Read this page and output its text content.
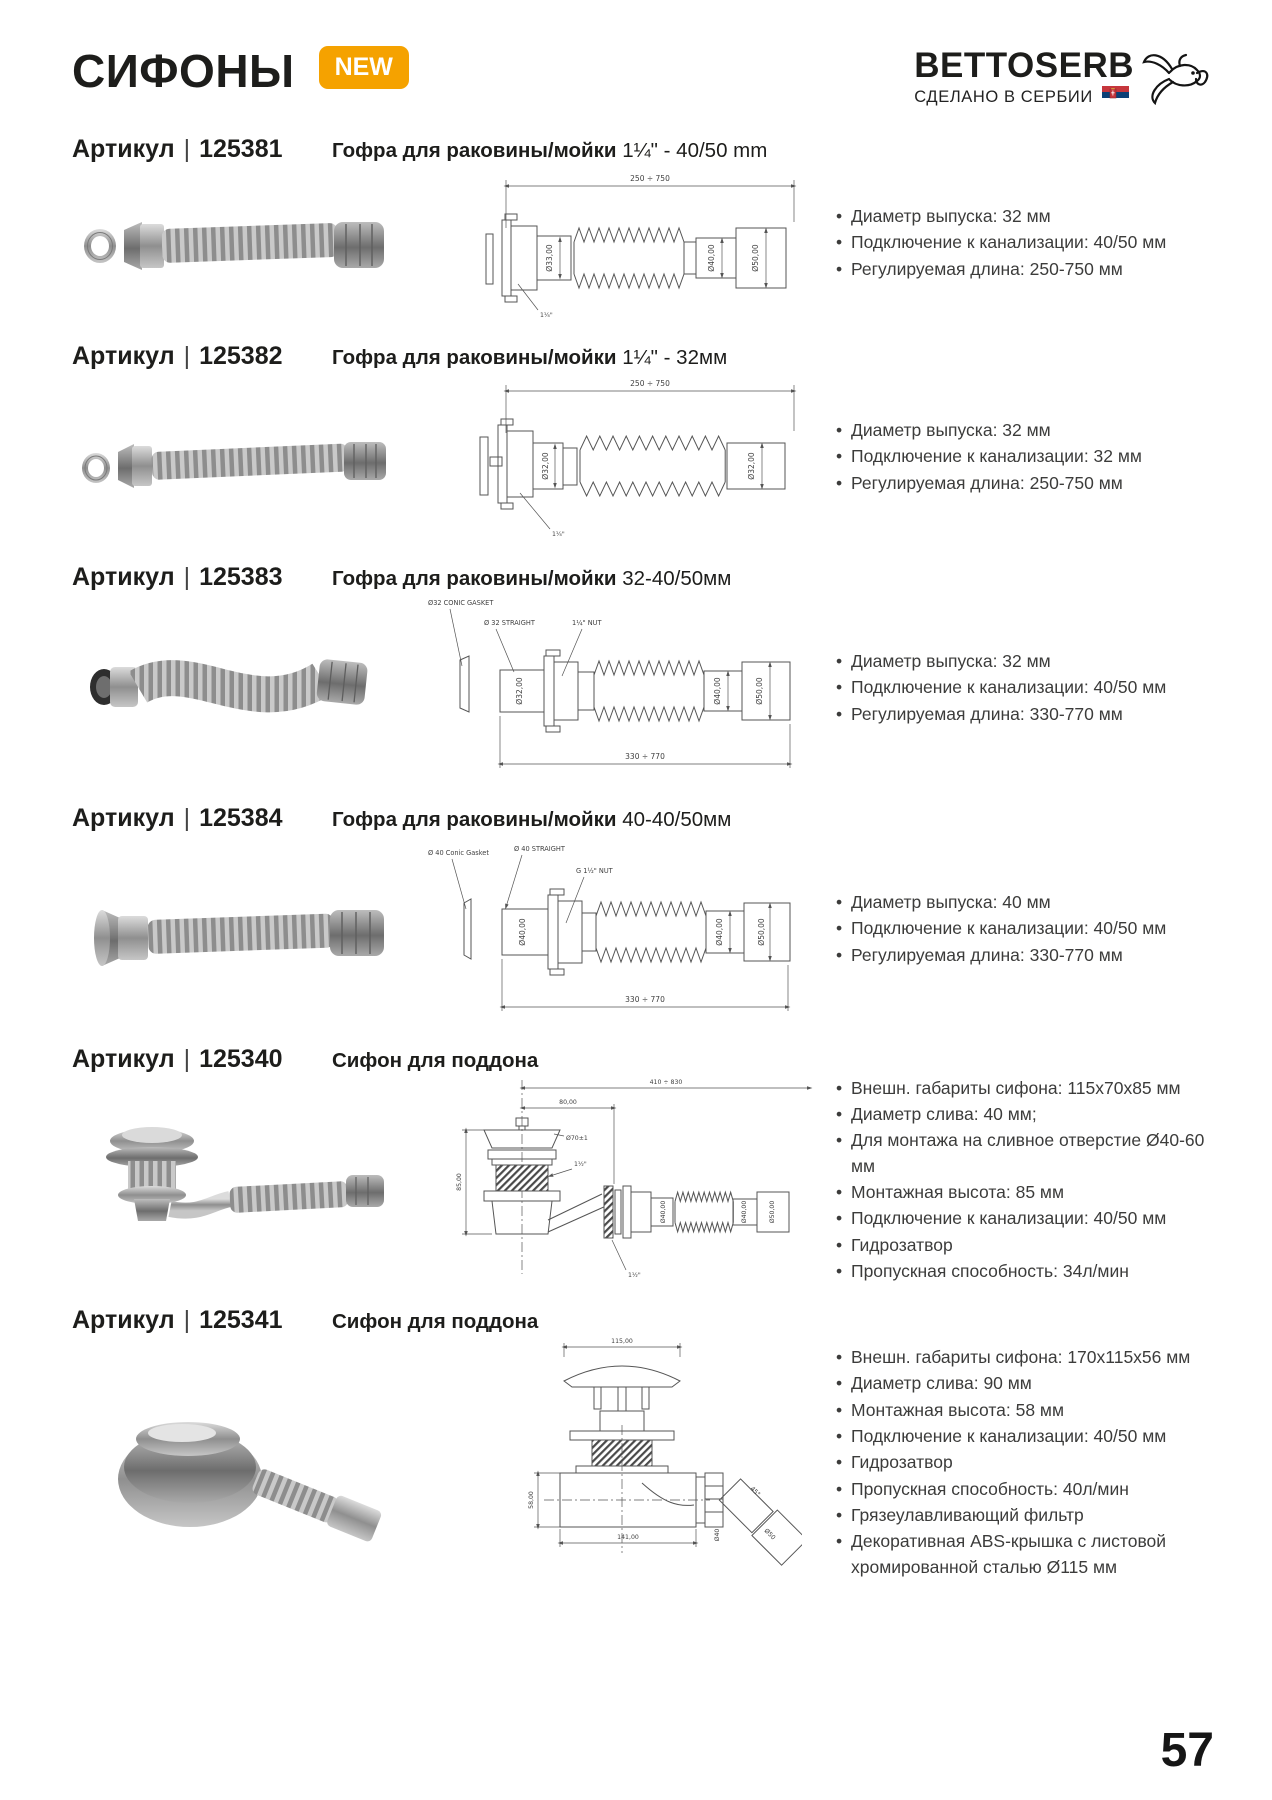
СИФОНЫ	NEW	BETTOSERB
СДЕЛАНО В СЕРБИИ
Артикул | 125381	Гофра для раковины/мойки 1¼" - 40/50 mm
250 ÷ 750
Ø33,00	Ø40,00	Ø50,00
1¼"
• Диаметр выпуска: 32 мм
• Подключение к канализации: 40/50 мм
• Регулируемая длина: 250-750 мм
Артикул | 125382	Гофра для раковины/мойки 1¼" - 32мм
250 ÷ 750
Ø32,00	Ø32,00
1¼"
• Диаметр выпуска: 32 мм
• Подключение к канализации: 32 мм
• Регулируемая длина: 250-750 мм
Артикул | 125383	Гофра для раковины/мойки 32-40/50мм
Ø32 CONIC GASKET
Ø 32 STRAIGHT	1¼" NUT
Ø32,00	Ø40,00	Ø50,00
330 ÷ 770
• Диаметр выпуска: 32 мм
• Подключение к канализации: 40/50 мм
• Регулируемая длина: 330-770 мм
Артикул | 125384	Гофра для раковины/мойки 40-40/50мм
Ø 40 Conic Gasket	Ø 40 STRAIGHT
G 1½" NUT
Ø40,00	Ø40,00	Ø50,00
330 ÷ 770
• Диаметр выпуска: 40 мм
• Подключение к канализации: 40/50 мм
• Регулируемая длина: 330-770 мм
Артикул | 125340	Сифон для поддона
410 ÷ 830
80,00
85,00
Ø70±1
1½"
Ø40,00	Ø40,00	Ø50,00
1½"
• Внешн. габариты сифона: 115х70х85 мм
• Диаметр слива: 40 мм;
• Для монтажа на сливное отверстие Ø40-60 мм
• Монтажная высота: 85 мм
• Подключение к канализации: 40/50 мм
• Гидрозатвор
• Пропускная способность: 34л/мин
Артикул | 125341	Сифон для поддона
115,00
58,00
141,00	Ø40
45°
Ø50
• Внешн. габариты сифона: 170х115х56 мм
• Диаметр слива: 90 мм
• Монтажная высота: 58 мм
• Подключение к канализации: 40/50 мм
• Гидрозатвор
• Пропускная способность: 40л/мин
• Грязеулавливающий фильтр
• Декоративная ABS-крышка с листовой хромированной сталью Ø115 мм
57
